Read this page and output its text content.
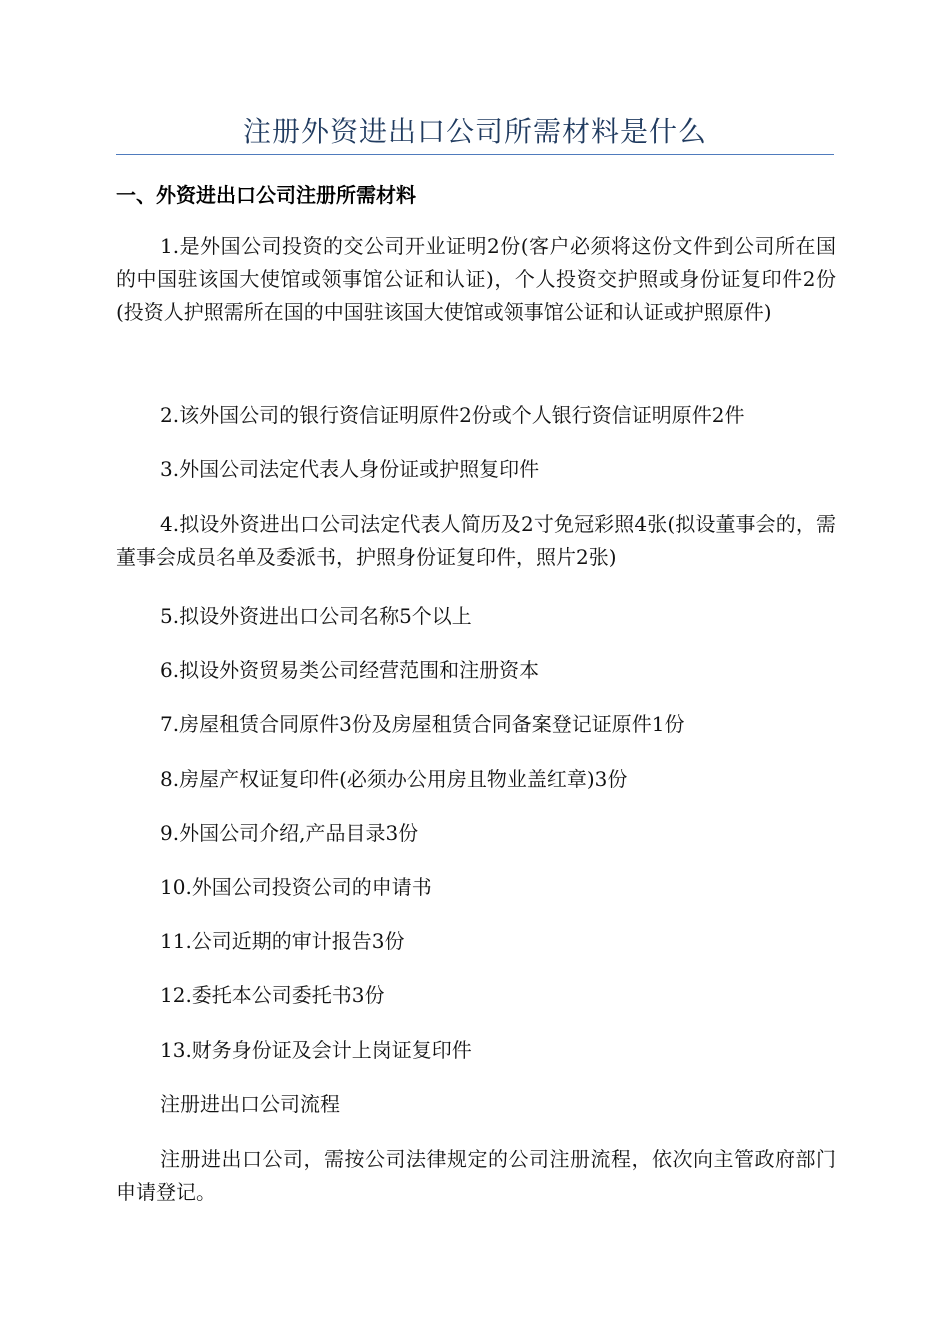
注册外资进出口公司所需材料是什么
一、外资进出口公司注册所需材料
1.是外国公司投资的交公司开业证明2份(客户必须将这份文件到公司所在国的中国驻该国大使馆或领事馆公证和认证)，个人投资交护照或身份证复印件2份(投资人护照需所在国的中国驻该国大使馆或领事馆公证和认证或护照原件)
2.该外国公司的银行资信证明原件2份或个人银行资信证明原件2件
3.外国公司法定代表人身份证或护照复印件
4.拟设外资进出口公司法定代表人简历及2寸免冠彩照4张(拟设董事会的，需董事会成员名单及委派书，护照身份证复印件，照片2张)
5.拟设外资进出口公司名称5个以上
6.拟设外资贸易类公司经营范围和注册资本
7.房屋租赁合同原件3份及房屋租赁合同备案登记证原件1份
8.房屋产权证复印件(必须办公用房且物业盖红章)3份
9.外国公司介绍,产品目录3份
10.外国公司投资公司的申请书
11.公司近期的审计报告3份
12.委托本公司委托书3份
13.财务身份证及会计上岗证复印件
注册进出口公司流程
注册进出口公司，需按公司法律规定的公司注册流程，依次向主管政府部门申请登记。
